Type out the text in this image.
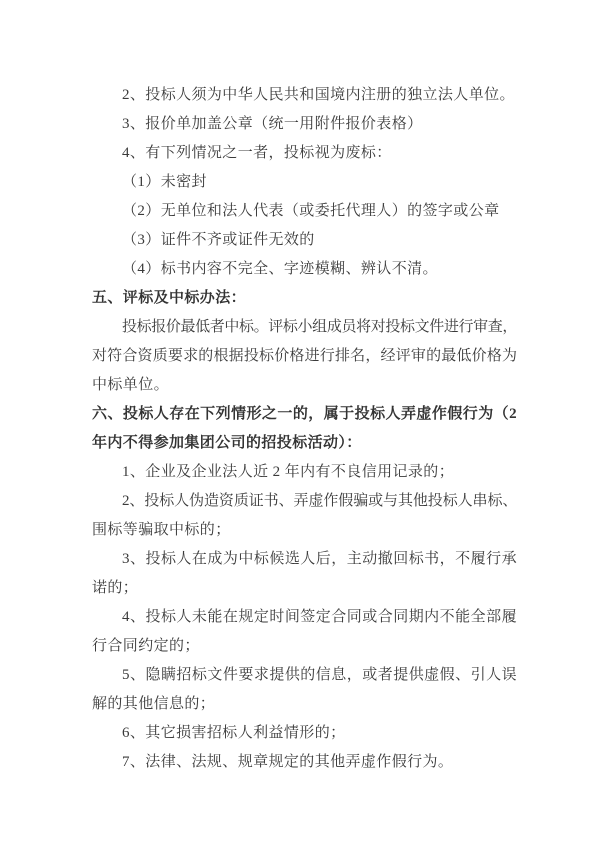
2、投标人须为中华人民共和国境内注册的独立法人单位。
3、报价单加盖公章（统一用附件报价表格）
4、有下列情况之一者，投标视为废标：
（1）未密封
（2）无单位和法人代表（或委托代理人）的签字或公章
（3）证件不齐或证件无效的
（4）标书内容不完全、字迹模糊、辨认不清。
五、评标及中标办法：
投标报价最低者中标。评标小组成员将对投标文件进行审查，
对符合资质要求的根据投标价格进行排名，经评审的最低价格为
中标单位。
六、投标人存在下列情形之一的，属于投标人弄虚作假行为（2
年内不得参加集团公司的招投标活动）：
1、企业及企业法人近 2 年内有不良信用记录的；
2、投标人伪造资质证书、弄虚作假骗或与其他投标人串标、
围标等骗取中标的；
3、投标人在成为中标候选人后，主动撤回标书，不履行承
诺的；
4、投标人未能在规定时间签定合同或合同期内不能全部履
行合同约定的；
5、隐瞒招标文件要求提供的信息，或者提供虚假、引人误
解的其他信息的；
6、其它损害招标人利益情形的；
7、法律、法规、规章规定的其他弄虚作假行为。
